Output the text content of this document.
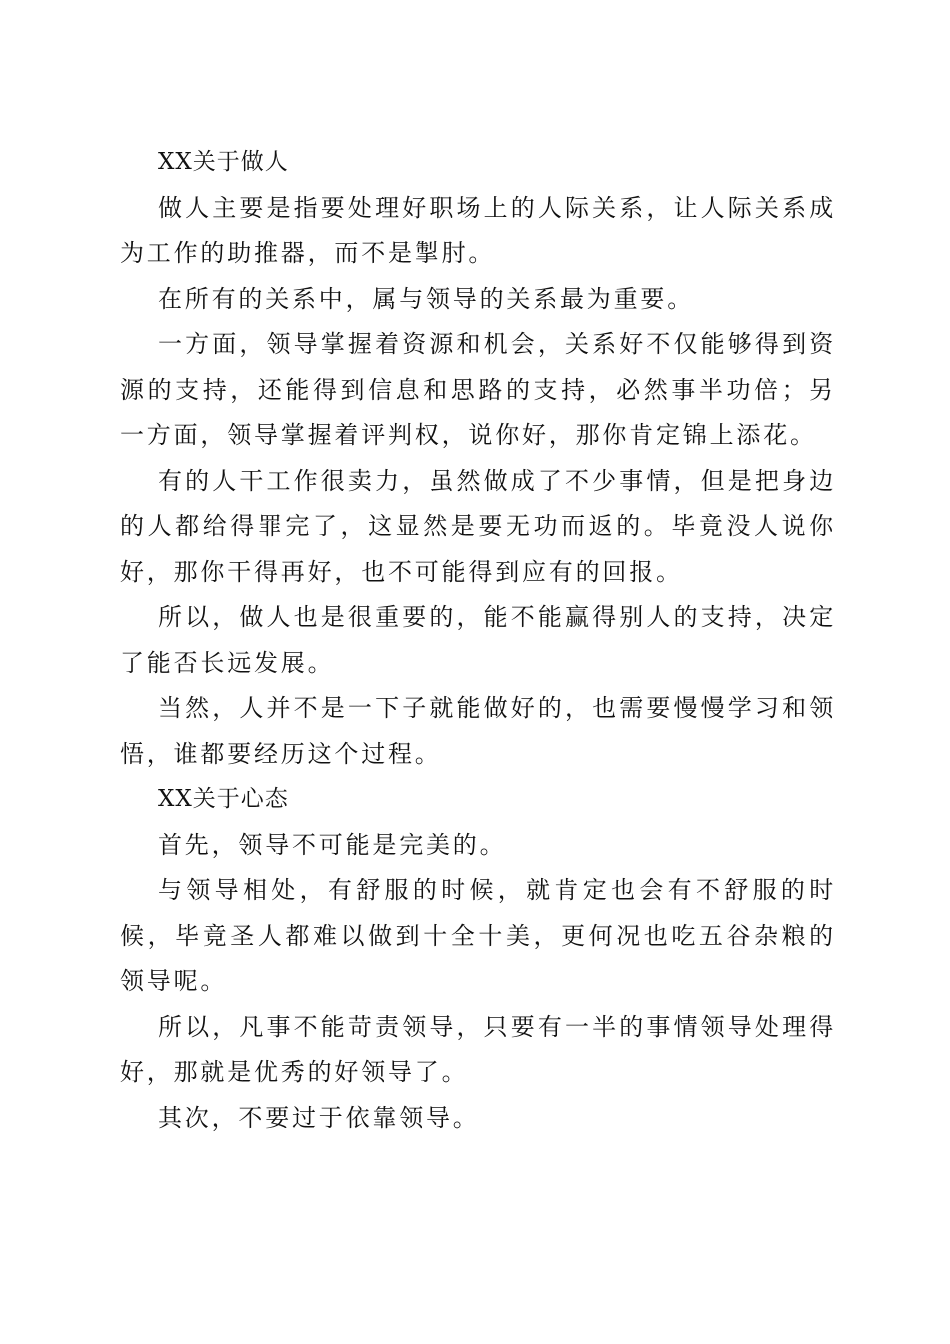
XX关于做人

做人主要是指要处理好职场上的人际关系，让人际关系成为工作的助推器，而不是掣肘。

在所有的关系中，属与领导的关系最为重要。

一方面，领导掌握着资源和机会，关系好不仅能够得到资源的支持，还能得到信息和思路的支持，必然事半功倍；另一方面，领导掌握着评判权，说你好，那你肯定锦上添花。

有的人干工作很卖力，虽然做成了不少事情，但是把身边的人都给得罪完了，这显然是要无功而返的。毕竟没人说你好，那你干得再好，也不可能得到应有的回报。

所以，做人也是很重要的，能不能赢得别人的支持，决定了能否长远发展。

当然，人并不是一下子就能做好的，也需要慢慢学习和领悟，谁都要经历这个过程。

XX关于心态

首先，领导不可能是完美的。

与领导相处，有舒服的时候，就肯定也会有不舒服的时候，毕竟圣人都难以做到十全十美，更何况也吃五谷杂粮的领导呢。

所以，凡事不能苛责领导，只要有一半的事情领导处理得好，那就是优秀的好领导了。

其次，不要过于依靠领导。
